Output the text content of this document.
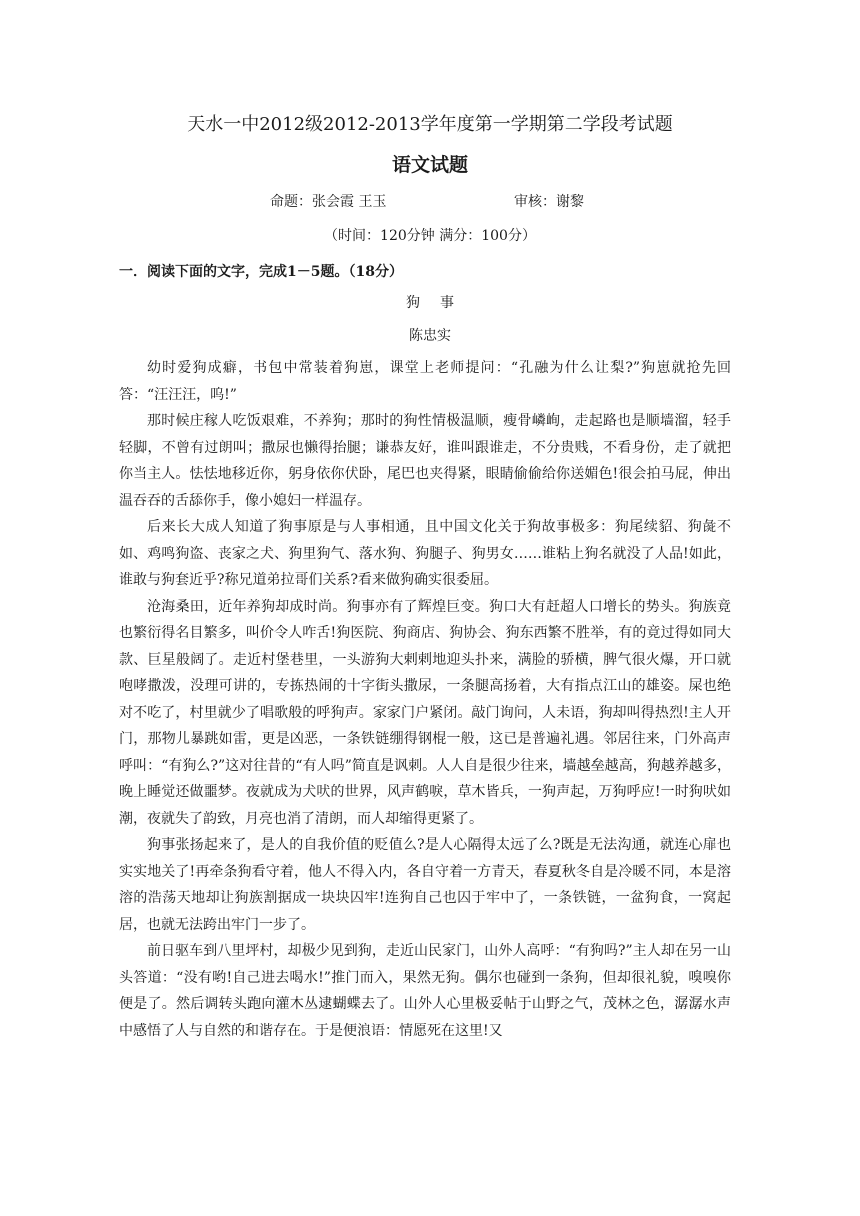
天水一中2012级2012-2013学年度第一学期第二学段考试题
语文试题
命题：张会霞 王玉	审核：谢黎
（时间：120分钟 满分：100分）
一．阅读下面的文字，完成1－5题。（18分）
狗事
陈忠实

幼时爱狗成癖，书包中常装着狗崽，课堂上老师提问：“孔融为什么让梨?”狗崽就抢先回答：“汪汪汪，呜!”

那时候庄稼人吃饭艰难，不养狗；那时的狗性情极温顺，瘦骨嶙峋，走起路也是顺墙溜，轻手轻脚，不曾有过朗叫；撒尿也懒得抬腿；谦恭友好，谁叫跟谁走，不分贵贱，不看身份，走了就把你当主人。怯怯地移近你，躬身依你伏卧，尾巴也夹得紧，眼睛偷偷给你送媚色!很会拍马屁，伸出温吞吞的舌舔你手，像小媳妇一样温存。

后来长大成人知道了狗事原是与人事相通，且中国文化关于狗故事极多：狗尾续貂、狗彘不如、鸡鸣狗盗、丧家之犬、狗里狗气、落水狗、狗腿子、狗男女……谁粘上狗名就没了人品!如此，谁敢与狗套近乎?称兄道弟拉哥们关系?看来做狗确实很委屈。

沧海桑田，近年养狗却成时尚。狗事亦有了辉煌巨变。狗口大有赶超人口增长的势头。狗族竟也繁衍得名目繁多，叫价令人咋舌!狗医院、狗商店、狗协会、狗东西繁不胜举，有的竟过得如同大款、巨星般阔了。走近村堡巷里，一头游狗大剌剌地迎头扑来，满脸的骄横，脾气很火爆，开口就咆哮撒泼，没理可讲的，专拣热闹的十字街头撒尿，一条腿高扬着，大有指点江山的雄姿。屎也绝对不吃了，村里就少了唱歌般的呼狗声。家家门户紧闭。敲门询问，人未语，狗却叫得热烈!主人开门，那物儿暴跳如雷，更是凶恶，一条铁链绷得钢棍一般，这已是普遍礼遇。邻居往来，门外高声呼叫：“有狗么?”这对往昔的“有人吗”简直是讽刺。人人自是很少往来，墙越垒越高，狗越养越多，晚上睡觉还做噩梦。夜就成为犬吠的世界，风声鹤唳，草木皆兵，一狗声起，万狗呼应!一时狗吠如潮，夜就失了韵致，月亮也消了清朗，而人却缩得更紧了。

狗事张扬起来了，是人的自我价值的贬值么?是人心隔得太远了么?既是无法沟通，就连心扉也实实地关了!再牵条狗看守着，他人不得入内，各自守着一方青天，春夏秋冬自是冷暖不同，本是溶溶的浩荡天地却让狗族割据成一块块囚牢!连狗自己也囚于牢中了，一条铁链，一盆狗食，一窝起居，也就无法跨出牢门一步了。

前日驱车到八里坪村，却极少见到狗，走近山民家门，山外人高呼：“有狗吗?”主人却在另一山头答道：“没有哟!自己进去喝水!”推门而入，果然无狗。偶尔也碰到一条狗，但却很礼貌，嗅嗅你便是了。然后调转头跑向灌木丛逮蝴蝶去了。山外人心里极妥帖于山野之气，茂林之色，潺潺水声中感悟了人与自然的和谐存在。于是便浪语：情愿死在这里!又
